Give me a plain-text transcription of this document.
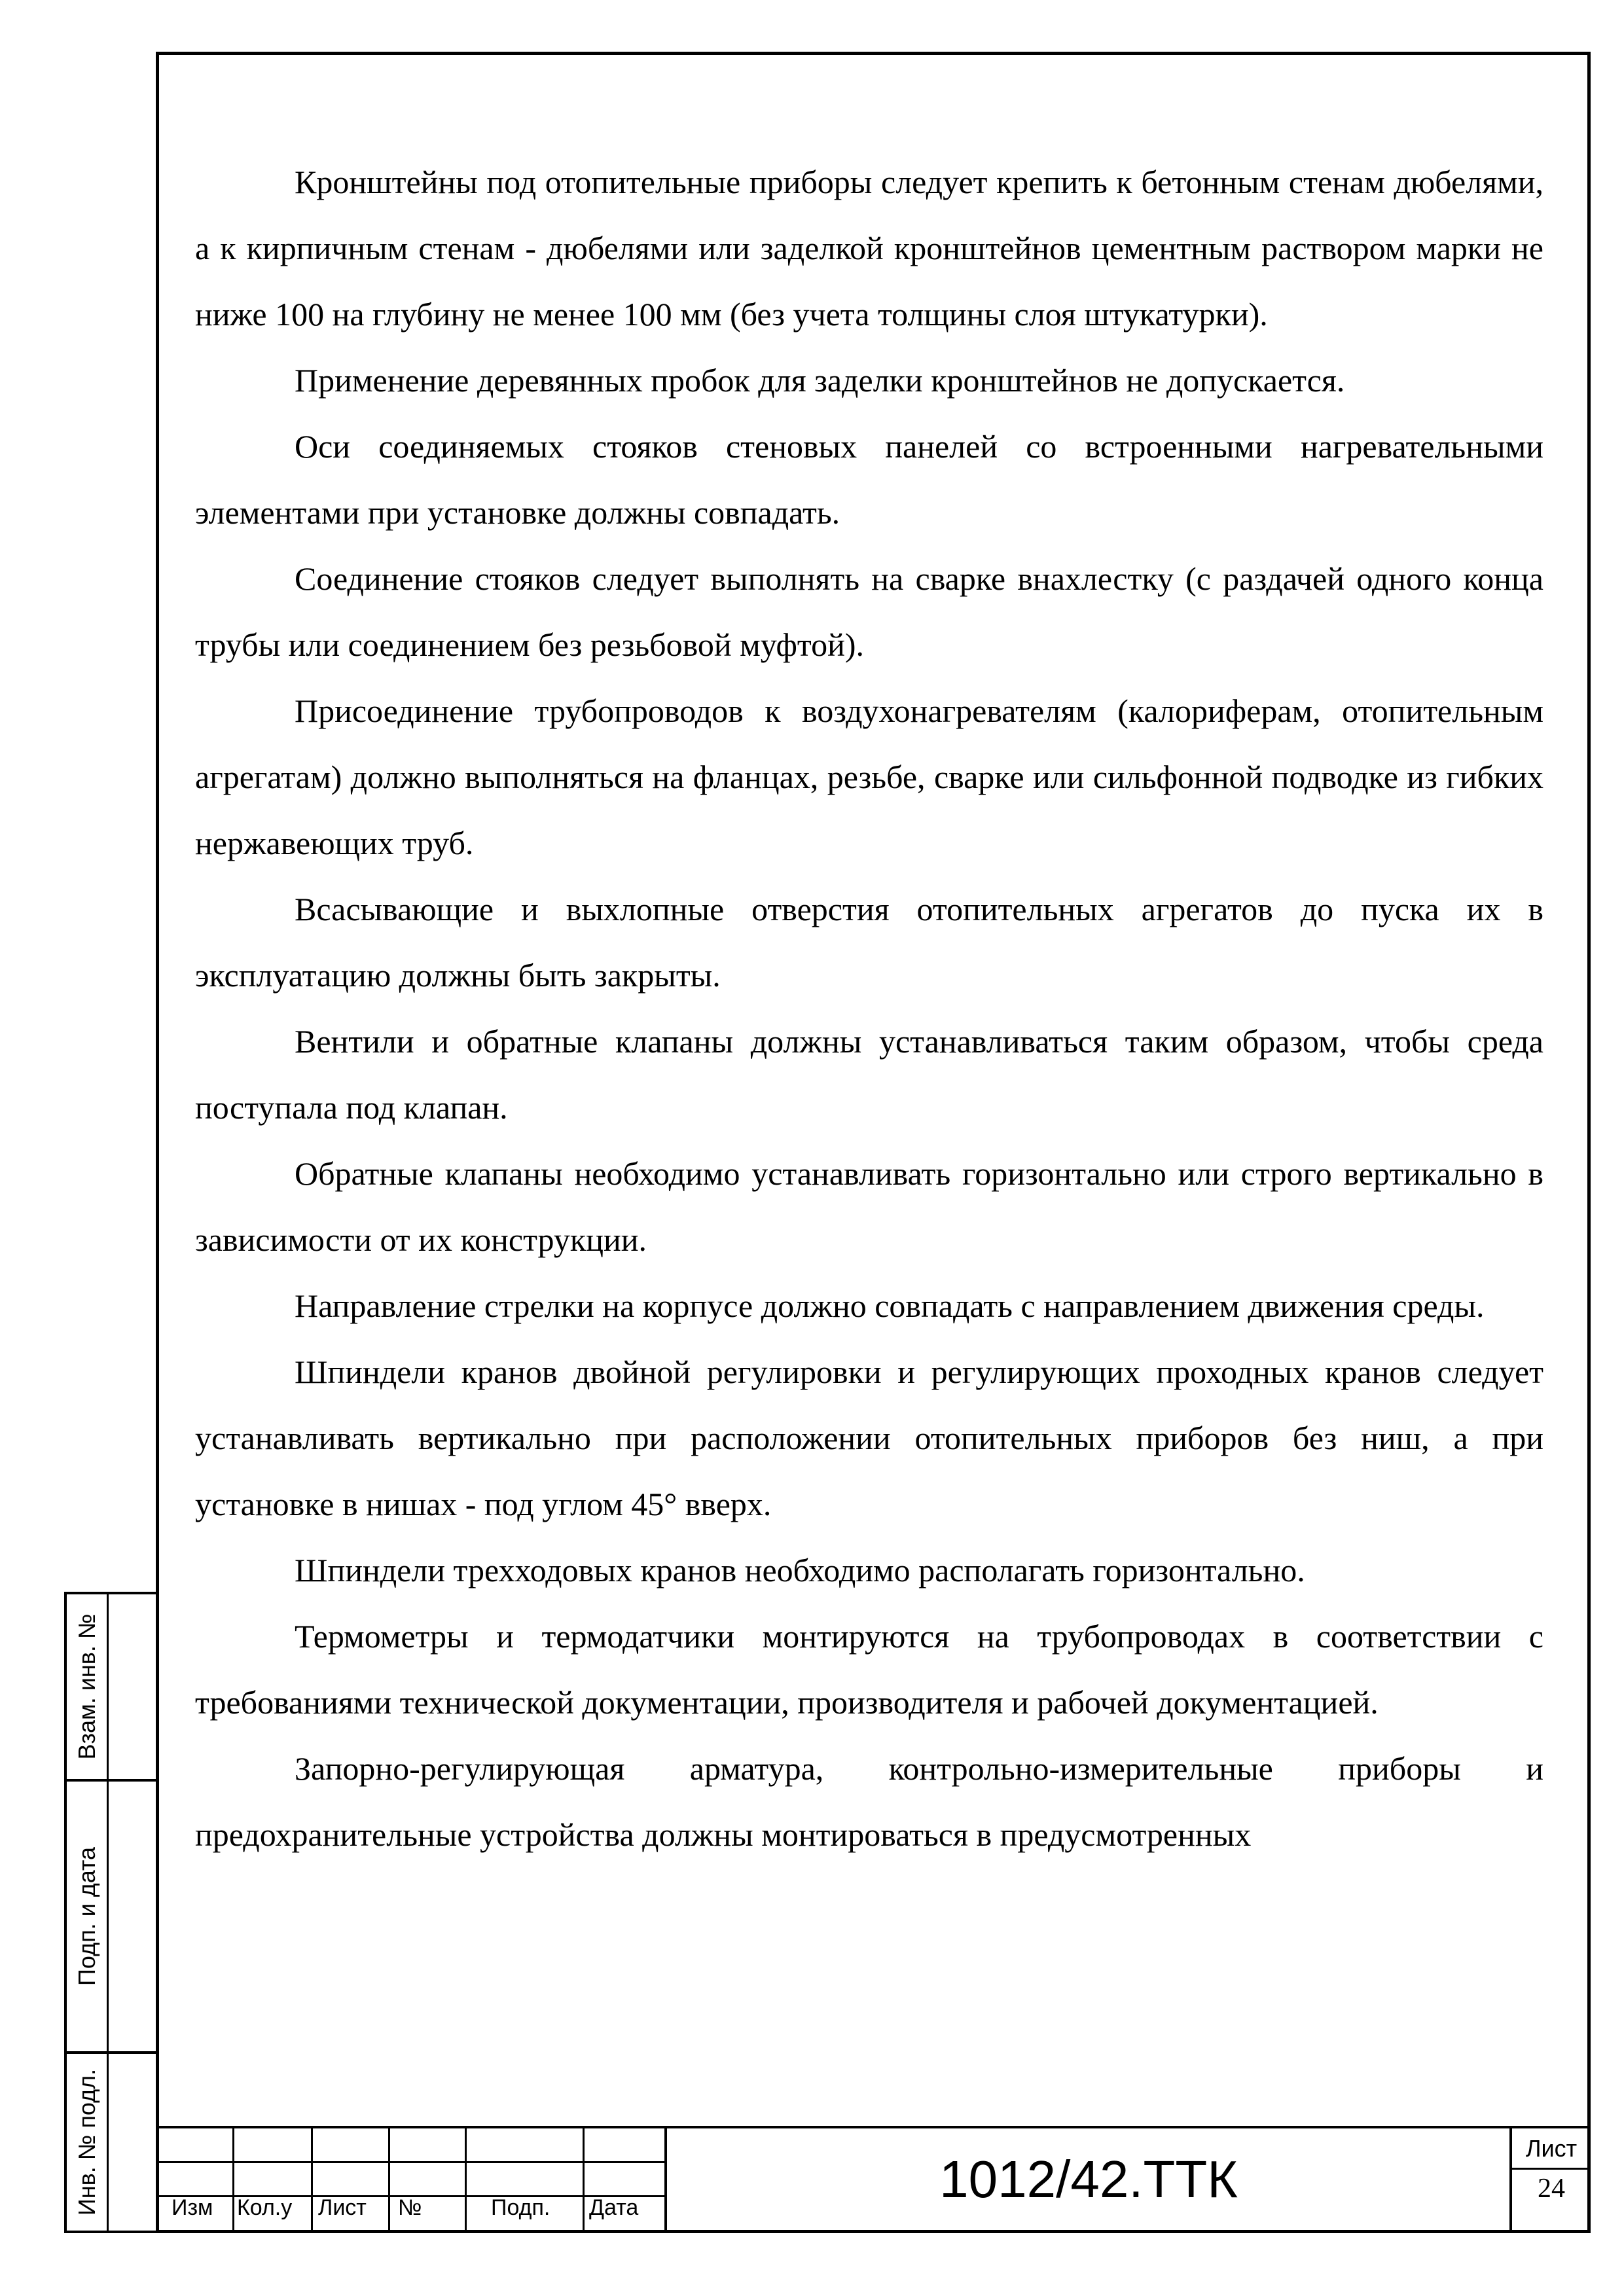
Кронштейны под отопительные приборы следует крепить к бетонным стенам дюбелями, а к кирпичным стенам - дюбелями или заделкой кронштейнов цементным раствором марки не ниже 100 на глубину не менее 100 мм (без учета толщины слоя штукатурки).

Применение деревянных пробок для заделки кронштейнов не допускается.

Оси соединяемых стояков стеновых панелей со встроенными нагревательными элементами при установке должны совпадать.

Соединение стояков следует выполнять на сварке внахлестку (с раздачей одного конца трубы или соединением без резьбовой муфтой).

Присоединение трубопроводов к воздухонагревателям (калориферам, отопительным агрегатам) должно выполняться на фланцах, резьбе, сварке или сильфонной подводке из гибких нержавеющих труб.

Всасывающие и выхлопные отверстия отопительных агрегатов до пуска их в эксплуатацию должны быть закрыты.

Вентили и обратные клапаны должны устанавливаться таким образом, чтобы среда поступала под клапан.

Обратные клапаны необходимо устанавливать горизонтально или строго вертикально в зависимости от их конструкции.

Направление стрелки на корпусе должно совпадать с направлением движения среды.

Шпиндели кранов двойной регулировки и регулирующих проходных кранов следует устанавливать вертикально при расположении отопительных приборов без ниш, а при установке в нишах - под углом 45° вверх.

Шпиндели трехходовых кранов необходимо располагать горизонтально.

Термометры и термодатчики монтируются на трубопроводах в соответствии с требованиями технической документации, производителя и рабочей документацией.

Запорно-регулирующая арматура, контрольно-измерительные приборы и предохранительные устройства должны монтироваться в предусмотренных

Взам. инв. №
Подп. и дата
Инв. № подл.	Изм Кол.у Лист №	Подп. Дата	1012/42.ТТК
Лист
24
